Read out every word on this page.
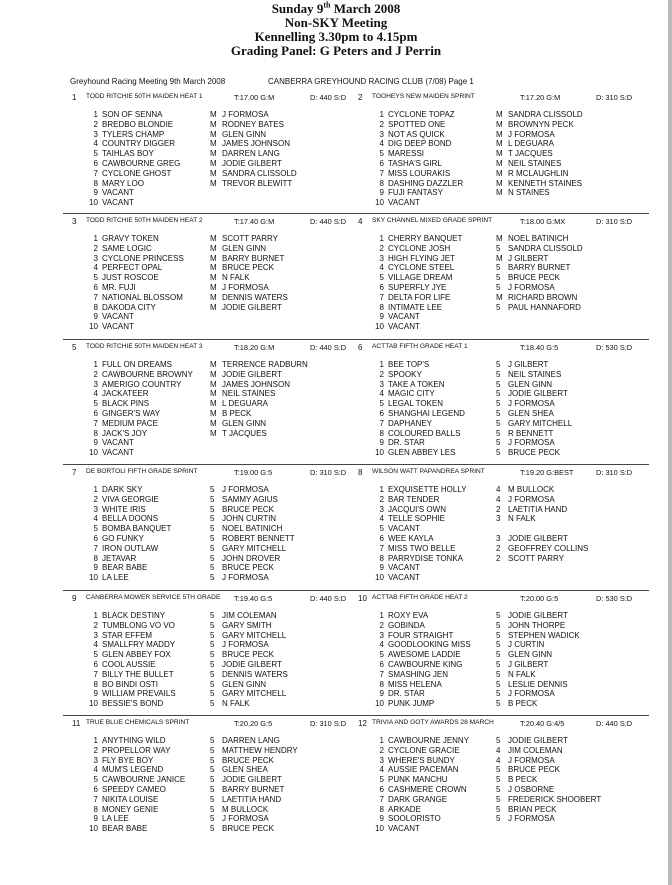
Sunday 9th March 2008
Non-SKY Meeting
Kennelling 3.30pm to 4.15pm
Grading Panel: G Peters and J Perrin
Greyhound Racing Meeting 9th March 2008	CANBERRA GREYHOUND RACING CLUB (7/08) Page 1
1 TODD RITCHIE 50TH MAIDEN HEAT 1	T:17.00 G:M	D: 440 S:D
1 SON OF SENNA	M J FORMOSA
2 BREDBO BLONDIE	M RODNEY BATES
3 TYLERS CHAMP	M GLEN GINN
4 COUNTRY DIGGER	M JAMES JOHNSON
5 TAIHLAS BOY	M DARREN LANG
6 CAWBOURNE GREG	M JODIE GILBERT
7 CYCLONE GHOST	M SANDRA CLISSOLD
8 MARY LOO	M TREVOR BLEWITT
9 VACANT
10 VACANT
2 TOOHEYS NEW MAIDEN SPRINT	T:17.20 G:M	D: 310 S:D
1 CYCLONE TOPAZ	M SANDRA CLISSOLD
2 SPOTTED ONE	M BROWNYN PECK
3 NOT AS QUICK	M J FORMOSA
4 DIG DEEP BOND	M L DEGUARA
5 MARESSI	M T JACQUES
6 TASHA'S GIRL	M NEIL STAINES
7 MISS LOURAKIS	M R MCLAUGHLIN
8 DASHING DAZZLER	M KENNETH STAINES
9 FUJI FANTASY	M N STAINES
10 VACANT
3 TODD RITCHIE 50TH MAIDEN HEAT 2	T:17.40 G:M	D: 440 S:D
1 GRAVY TOKEN	M SCOTT PARRY
2 SAME LOGIC	M GLEN GINN
3 CYCLONE PRINCESS	M BARRY BURNET
4 PERFECT OPAL	M BRUCE PECK
5 JUST ROSCOE	M N FALK
6 MR. FUJI	M J FORMOSA
7 NATIONAL BLOSSOM	M DENNIS WATERS
8 DAKODA CITY	M JODIE GILBERT
9 VACANT
10 VACANT
4 SKY CHANNEL MIXED GRADE SPRINT	T:18.00 G:MX	D: 310 S:D
1 CHERRY BANQUET	M NOEL BATINICH
2 CYCLONE JOSH	5 SANDRA CLISSOLD
3 HIGH FLYING JET	M J GILBERT
4 CYCLONE STEEL	5 BARRY BURNET
5 VILLAGE DREAM	5 BRUCE PECK
6 SUPERFLY JYE	5 J FORMOSA
7 DELTA FOR LIFE	M RICHARD BROWN
8 INTIMATE LEE	5 PAUL HANNAFORD
9 VACANT
10 VACANT
5 TODD RITCHIE 50TH MAIDEN HEAT 3	T:18.20 G:M	D: 440 S:D
1 FULL ON DREAMS	M TERRENCE RADBURN
2 CAWBOURNE BROWNY M JODIE GILBERT
3 AMERIGO COUNTRY	M JAMES JOHNSON
4 JACKATEER	M NEIL STAINES
5 BLACK PINS	M L DEGUARA
6 GINGER'S WAY	M B PECK
7 MEDIUM PACE	M GLEN GINN
8 JACK'S JOY	M T JACQUES
9 VACANT
10 VACANT
6 ACTTAB FIFTH GRADE HEAT 1	T:18.40 G:5	D: 530 S:D
1 BEE TOP'S	5 J GILBERT
2 SPOOKY	5 NEIL STAINES
3 TAKE A TOKEN	5 GLEN GINN
4 MAGIC CITY	5 JODIE GILBERT
5 LEGAL TOKEN	5 J FORMOSA
6 SHANGHAI LEGEND	5 GLEN SHEA
7 DAPHANEY	5 GARY MITCHELL
8 COLOURED BALLS	5 R BENNETT
9 DR. STAR	5 J FORMOSA
10 GLEN ABBEY LES	5 BRUCE PECK
7 DE BORTOLI FIFTH GRADE SPRINT	T:19.00 G:5	D: 310 S:D
1 DARK SKY	5 J FORMOSA
2 VIVA GEORGIE	5 SAMMY AGIUS
3 WHITE IRIS	5 BRUCE PECK
4 BELLA DOONS	5 JOHN CURTIN
5 BOMBA BANQUET	5 NOEL BATINICH
6 GO FUNKY	5 ROBERT BENNETT
7 IRON OUTLAW	5 GARY MITCHELL
8 JETAVAR	5 JOHN DROVER
9 BEAR BABE	5 BRUCE PECK
10 LA LEE	5 J FORMOSA
8 WILSON WATT PAPANDREA SPRINT	T:19.20 G:BEST	D: 310 S:D
1 EXQUISETTE HOLLY	4 M BULLOCK
2 BAR TENDER	4 J FORMOSA
3 JACQUI'S OWN	2 LAETITIA HAND
4 TELLE SOPHIE	3 N FALK
5 VACANT
6 WEE KAYLA	3 JODIE GILBERT
7 MISS TWO BELLE	2 GEOFFREY COLLINS
8 PARRYDISE TONKA	2 SCOTT PARRY
9 VACANT
10 VACANT
9 CANBERRA MOWER SERVICE 5TH GRADE T:19.40 G:5	D: 440 S:D
1 BLACK DESTINY	5 JIM COLEMAN
2 TUMBLONG VO VO	5 GARY SMITH
3 STAR EFFEM	5 GARY MITCHELL
4 SMALLFRY MADDY	5 J FORMOSA
5 GLEN ABBEY FOX	5 BRUCE PECK
6 COOL AUSSIE	5 JODIE GILBERT
7 BILLY THE BULLET	5 DENNIS WATERS
8 BO BINDI OSTI	5 GLEN GINN
9 WILLIAM PREVAILS	5 GARY MITCHELL
10 BESSIE'S BOND	5 N FALK
10 ACTTAB FIFTH GRADE HEAT 2	T:20.00 G:5	D: 530 S:D
1 ROXY EVA	5 JODIE GILBERT
2 GOBINDA	5 JOHN THORPE
3 FOUR STRAIGHT	5 STEPHEN WADICK
4 GOODLOOKING MISS	5 J CURTIN
5 AWESOME LADDIE	5 GLEN GINN
6 CAWBOURNE KING	5 J GILBERT
7 SMASHING JEN	5 N FALK
8 MISS HELENA	5 LESLIE DENNIS
9 DR. STAR	5 J FORMOSA
10 PUNK JUMP	5 B PECK
11 TRUE BLUE CHEMICALS SPRINT	T:20.20 G:5	D: 310 S:D
1 ANYTHING WILD	5 DARREN LANG
2 PROPELLOR WAY	5 MATTHEW HENDRY
3 FLY BYE BOY	5 BRUCE PECK
4 MUM'S LEGEND	5 GLEN SHEA
5 CAWBOURNE JANICE	5 JODIE GILBERT
6 SPEEDY CAMEO	5 BARRY BURNET
7 NIKITA LOUISE	5 LAETITIA HAND
8 MONEY GENIE	5 M BULLOCK
9 LA LEE	5 J FORMOSA
10 BEAR BABE	5 BRUCE PECK
12 TRIVIA AND GOTY AWARDS 28 MARCH	T:20.40 G:4/5	D: 440 S:D
1 CAWBOURNE JENNY	5 JODIE GILBERT
2 CYCLONE GRACIE	4 JIM COLEMAN
3 WHERE'S BUNDY	4 J FORMOSA
4 AUSSIE PACEMAN	5 BRUCE PECK
5 PUNK MANCHU	5 B PECK
6 CASHMERE CROWN	5 J OSBORNE
7 DARK GRANGE	5 FREDERICK SHOOBERT
8 ARKADE	5 BRIAN PECK
9 SOOLORISTO	5 J FORMOSA
10 VACANT
